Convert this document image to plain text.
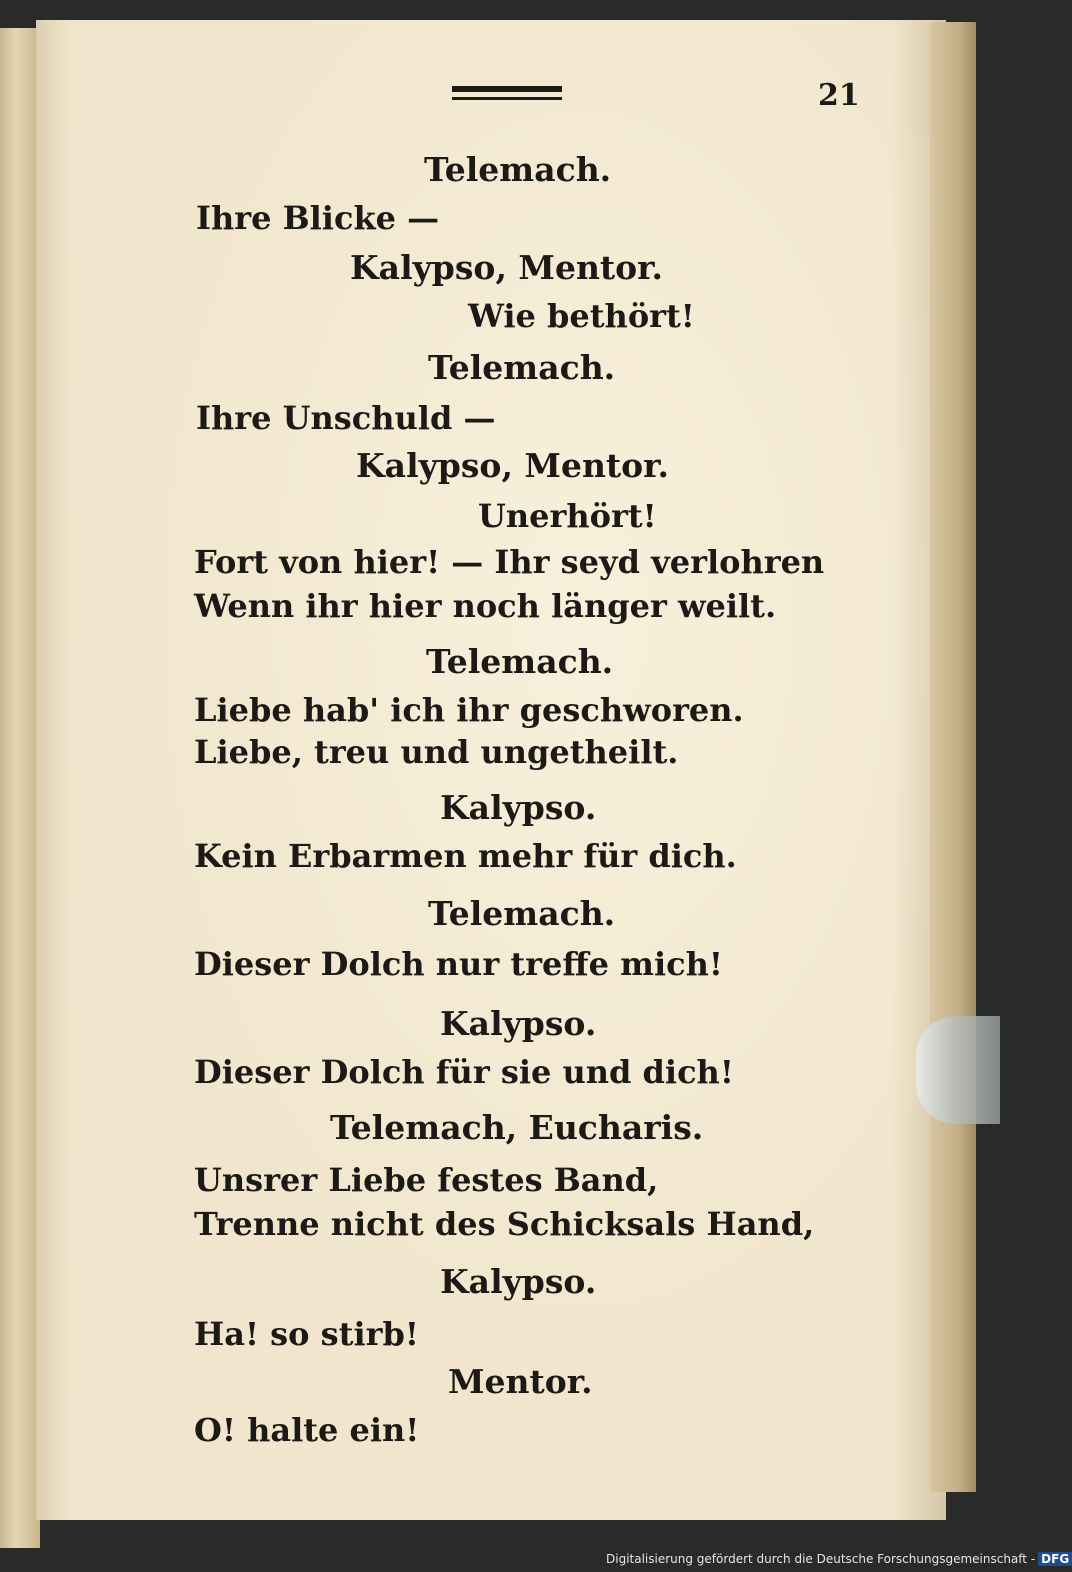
21
Telemach.
Ihre Blicke —
Kalypso, Mentor.
Wie bethört!
Telemach.
Ihre Unschuld —
Kalypso, Mentor.
Unerhört!
Fort von hier! — Ihr seyd verlohren
Wenn ihr hier noch länger weilt.
Telemach.
Liebe hab' ich ihr geschworen.
Liebe, treu und ungetheilt.
Kalypso.
Kein Erbarmen mehr für dich.
Telemach.
Dieser Dolch nur treffe mich!
Kalypso.
Dieser Dolch für sie und dich!
Telemach, Eucharis.
Unsrer Liebe festes Band,
Trenne nicht des Schicksals Hand,
Kalypso.
Ha! so stirb!
Mentor.
O! halte ein!
Digitalisierung gefördert durch die Deutsche Forschungsgemeinschaft - DFG
